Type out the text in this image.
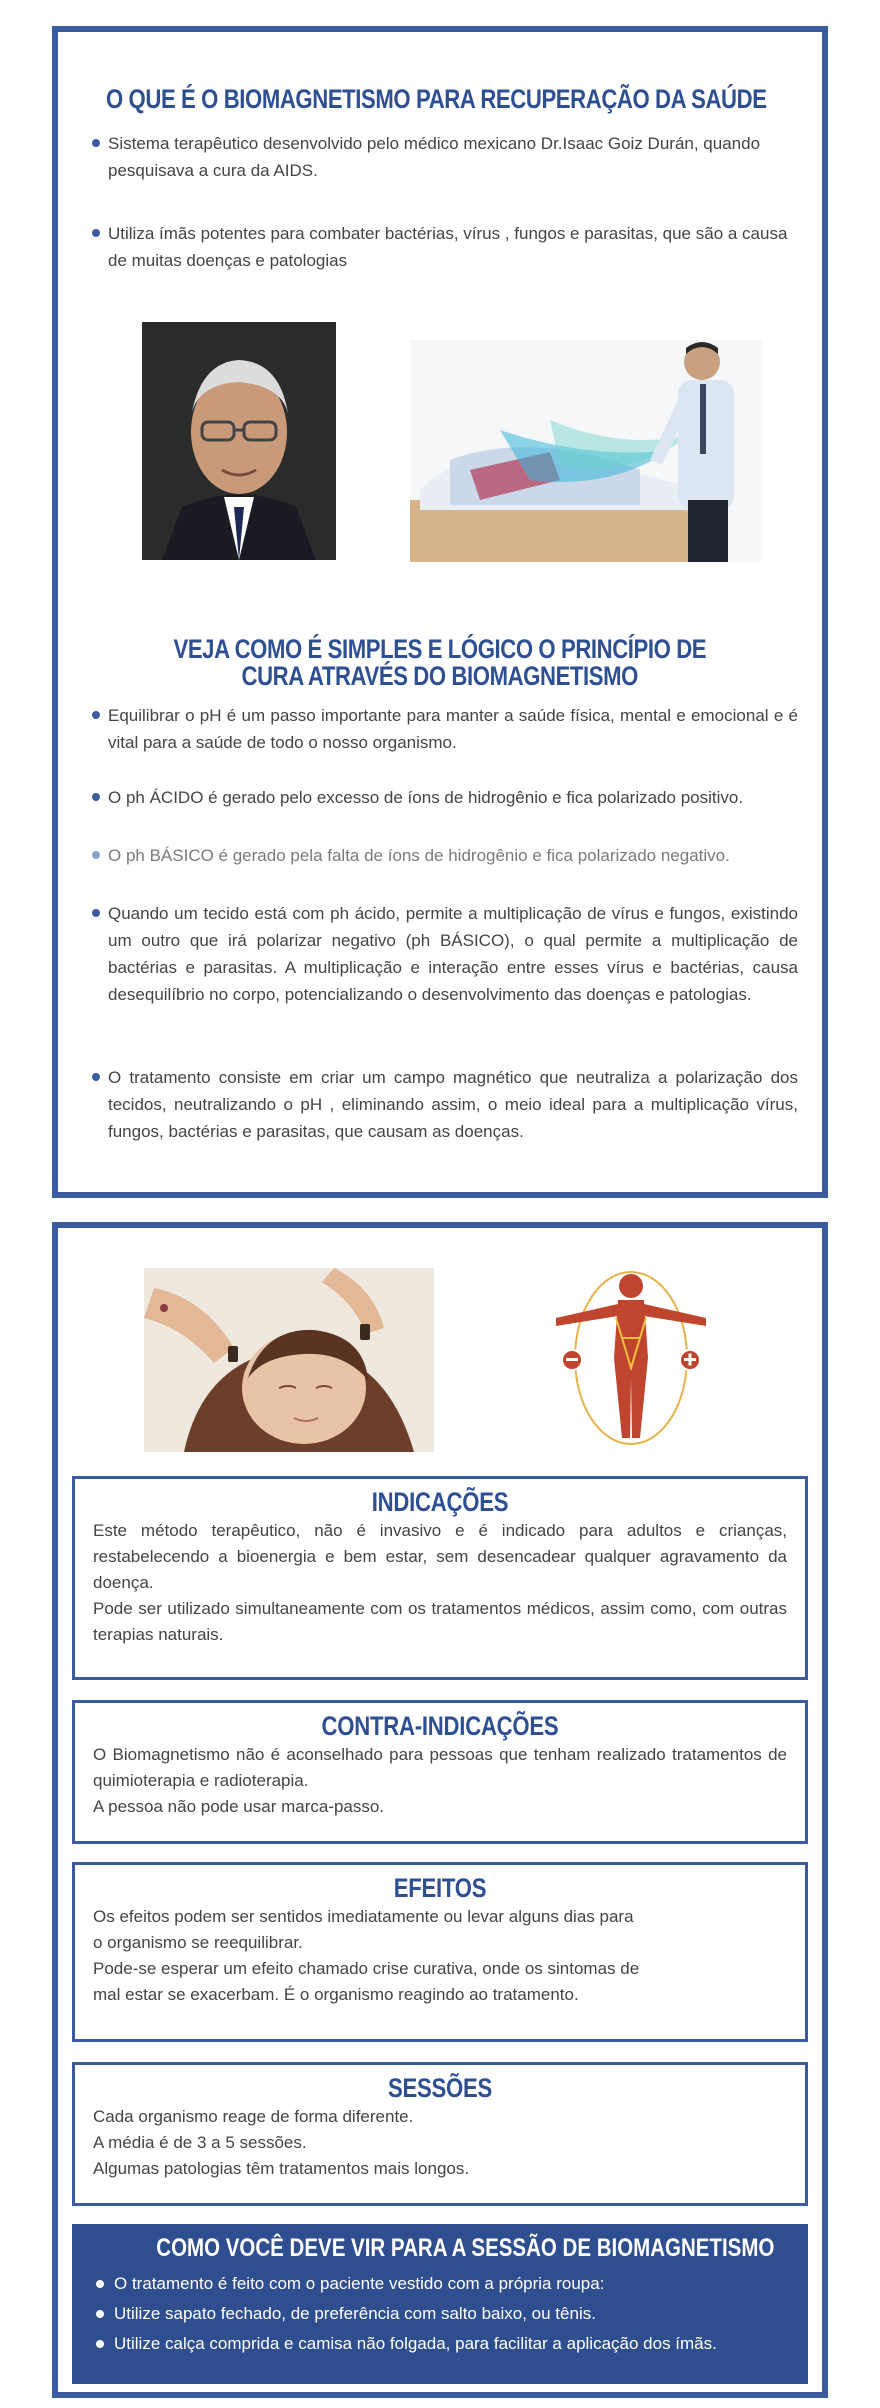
O QUE É O BIOMAGNETISMO PARA RECUPERAÇÃO DA SAÚDE
Sistema terapêutico desenvolvido pelo médico mexicano Dr.Isaac Goiz Durán, quando pesquisava a cura da AIDS.
Utiliza ímãs potentes para combater bactérias, vírus , fungos e parasitas, que são a causa de muitas doenças e patologias
VEJA COMO É SIMPLES E LÓGICO O PRINCÍPIO DE

CURA ATRAVÉS DO BIOMAGNETISMO
Equilibrar o pH é um passo importante para manter a saúde física, mental e emocional e é vital para a saúde de todo o nosso organismo.
O ph ÁCIDO é gerado pelo excesso de íons de hidrogênio e fica polarizado positivo.
O ph BÁSICO é gerado pela falta de íons de hidrogênio e fica polarizado negativo.
Quando um tecido está com ph ácido, permite a multiplicação de vírus e fungos, existindo um outro que irá polarizar negativo (ph BÁSICO), o qual permite a multiplicação de bactérias e parasitas. A multiplicação e interação entre esses vírus e bactérias, causa desequilíbrio no corpo, potencializando o desenvolvimento das doenças e patologias.
O tratamento consiste em criar um campo magnético que neutraliza a polarização dos tecidos, neutralizando o pH , eliminando assim, o meio ideal para a multiplicação vírus, fungos, bactérias e parasitas, que causam as doenças.
INDICAÇÕES

Este método terapêutico, não é invasivo e é indicado para adultos e crianças, restabelecendo a bioenergia e bem estar, sem desencadear qualquer agravamento da doença.

Pode ser utilizado simultaneamente com os tratamentos médicos, assim como, com outras terapias naturais.

CONTRA-INDICAÇÕES

O Biomagnetismo não é aconselhado para pessoas que tenham realizado tratamentos de quimioterapia e radioterapia.

A pessoa não pode usar marca-passo.

EFEITOS

Os efeitos podem ser sentidos imediatamente ou levar alguns dias para

o organismo se reequilibrar.

Pode-se esperar um efeito chamado crise curativa, onde os sintomas de

mal estar se exacerbam. É o organismo reagindo ao tratamento.

SESSÕES

Cada organismo reage de forma diferente.

A média é de 3 a 5 sessões.

Algumas patologias têm tratamentos mais longos.

COMO VOCÊ DEVE VIR PARA A SESSÃO DE BIOMAGNETISMO
O tratamento é feito com o paciente vestido com a própria roupa:
Utilize sapato fechado, de preferência com salto baixo, ou tênis.
Utilize calça comprida e camisa não folgada, para facilitar a aplicação dos ímãs.
